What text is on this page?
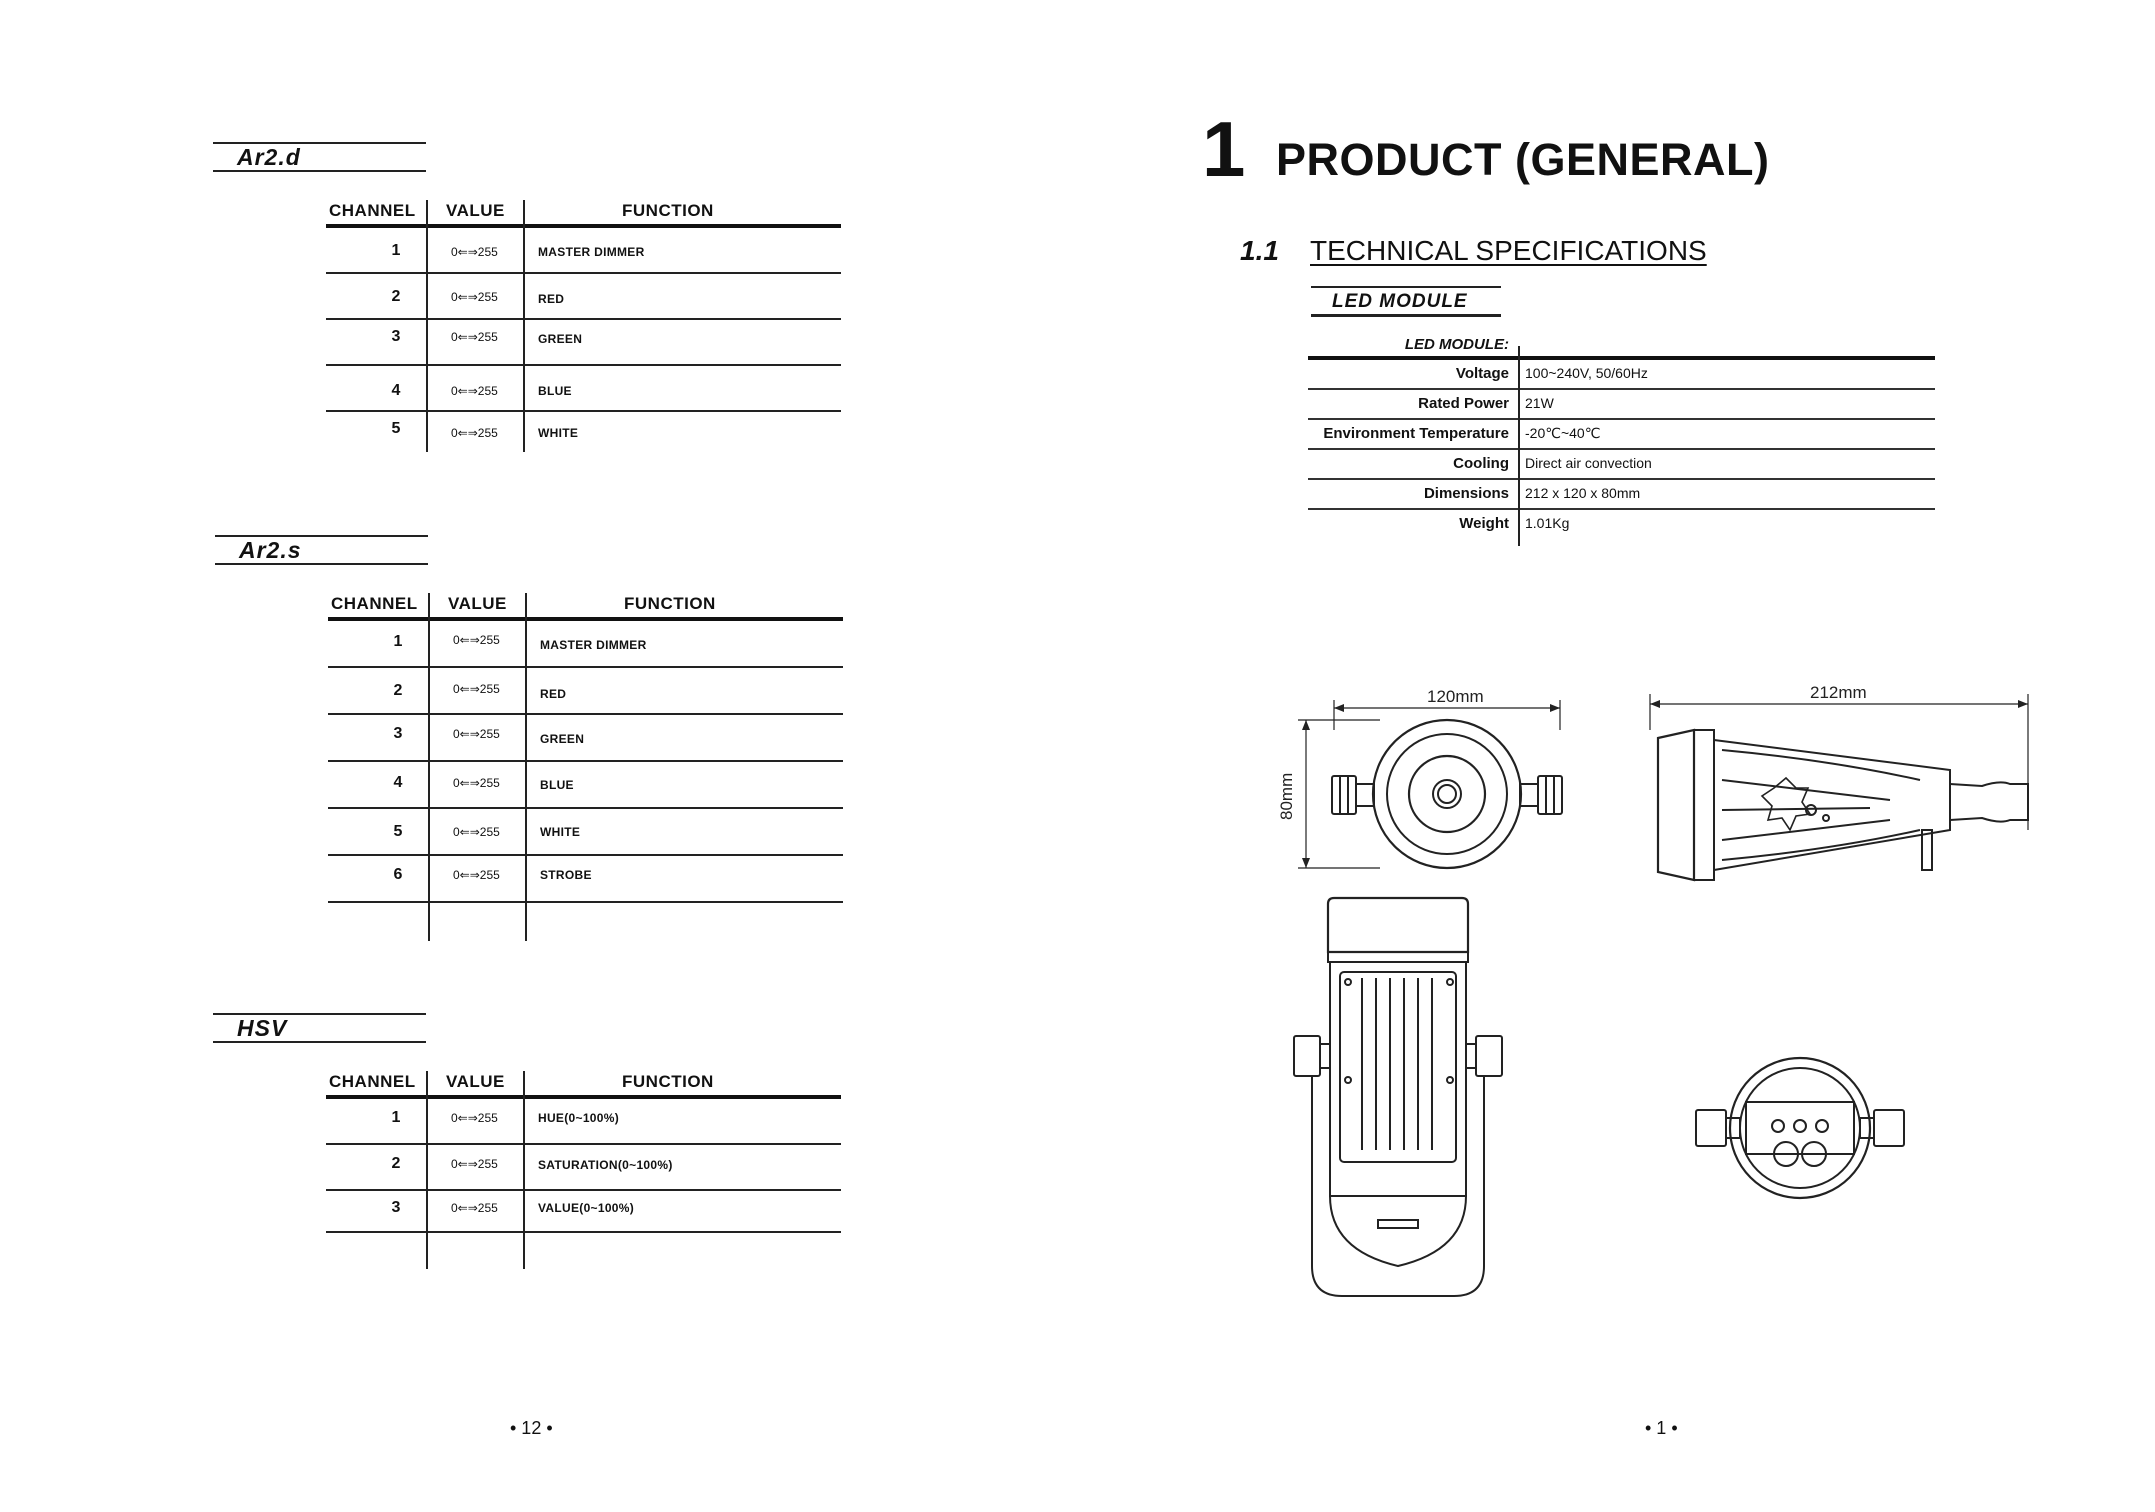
Ar2.d
CHANNEL VALUE	FUNCTION
1	0⇐⇒255	MASTER DIMMER
2	0⇐⇒255	RED
3	0⇐⇒255	GREEN
4	0⇐⇒255	BLUE
5	0⇐⇒255	WHITE
Ar2.s
CHANNEL VALUE	FUNCTION
1	0⇐⇒255	MASTER DIMMER
2	0⇐⇒255	RED
3	0⇐⇒255	GREEN
4	0⇐⇒255	BLUE
5	0⇐⇒255	WHITE
6	0⇐⇒255	STROBE
HSV
CHANNEL VALUE	FUNCTION
1	0⇐⇒255	HUE(0~100%)
2	0⇐⇒255	SATURATION(0~100%)
3	0⇐⇒255	VALUE(0~100%)
• 12 •
1 PRODUCT (GENERAL)
1.1 TECHNICAL SPECIFICATIONS
LED MODULE
LED MODULE:
Voltage 100~240V, 50/60Hz
Rated Power 21W
Environment Temperature -20℃~40℃
Cooling Direct air convection
Dimensions 212 x 120 x 80mm
Weight 1.01Kg
120mm
80mm
212mm
• 1 •
